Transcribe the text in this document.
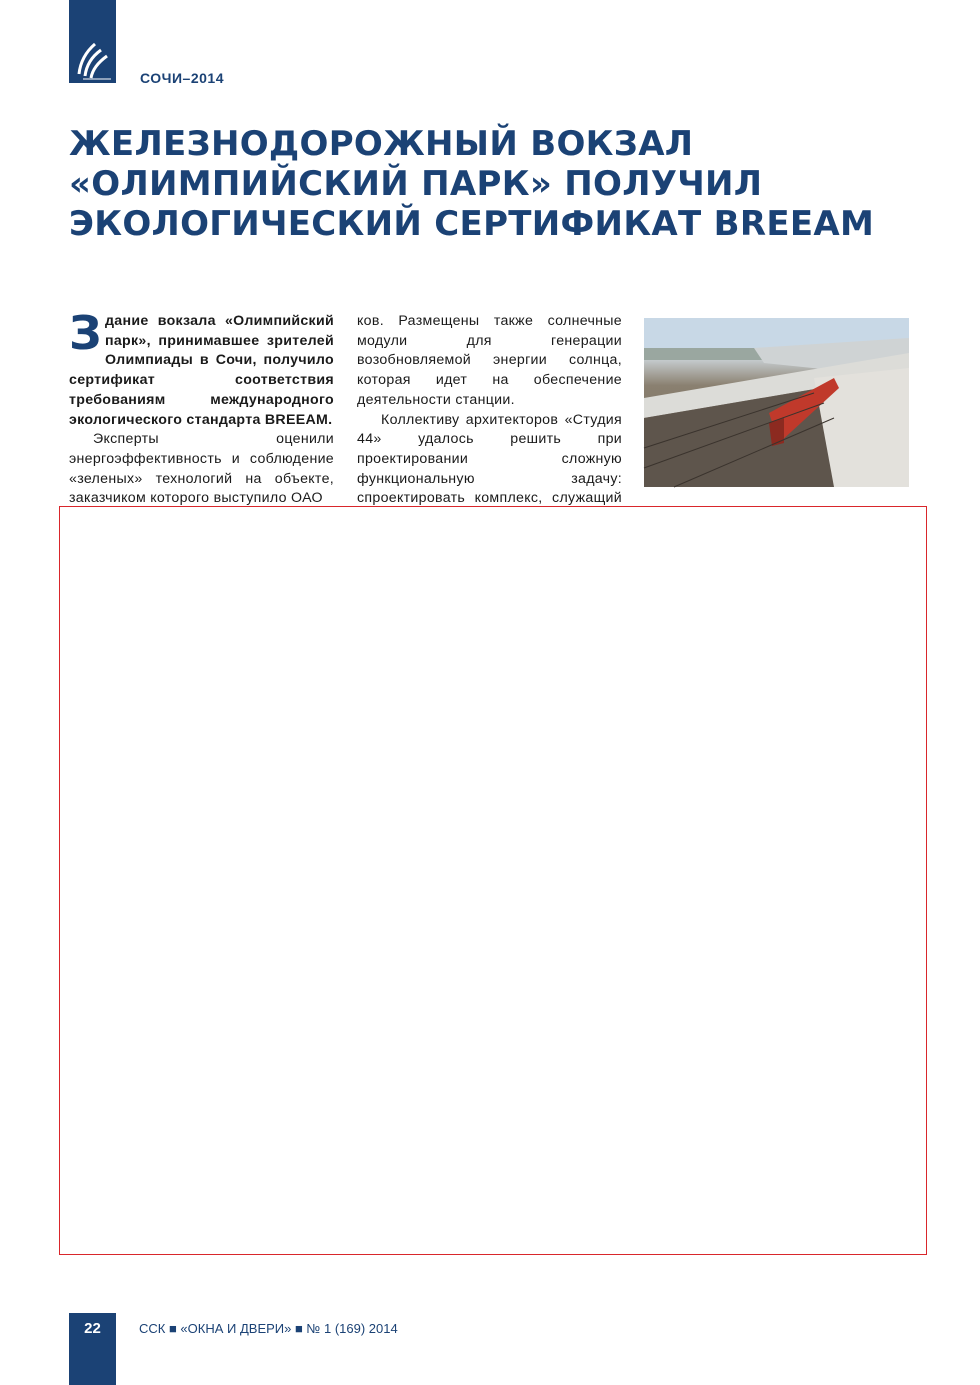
СОЧИ–2014
ЖЕЛЕЗНОДОРОЖНЫЙ ВОКЗАЛ «ОЛИМПИЙСКИЙ ПАРК» ПОЛУЧИЛ ЭКОЛОГИЧЕСКИЙ СЕРТИФИКАТ BREEAM

Здание вокзала «Олимпийский парк», принимавшее зрителей Олимпиады в Сочи, получило сертификат соответствия требованиям международного экологического стандарта BREEAM.

Эксперты оценили энергоэффективность и соблюдение «зеленых» технологий на объекте, заказчиком которого выступило ОАО

ков. Размещены также солнечные модули для генерации возобновляемой энергии солнца, которая идет на обеспечение деятельности станции.

Коллективу архитекторов «Студия 44» удалось решить при проектировании сложную функциональную задачу: спроектировать комплекс, служащий

22	ССК ■ «ОКНА И ДВЕРИ» ■ № 1 (169) 2014
